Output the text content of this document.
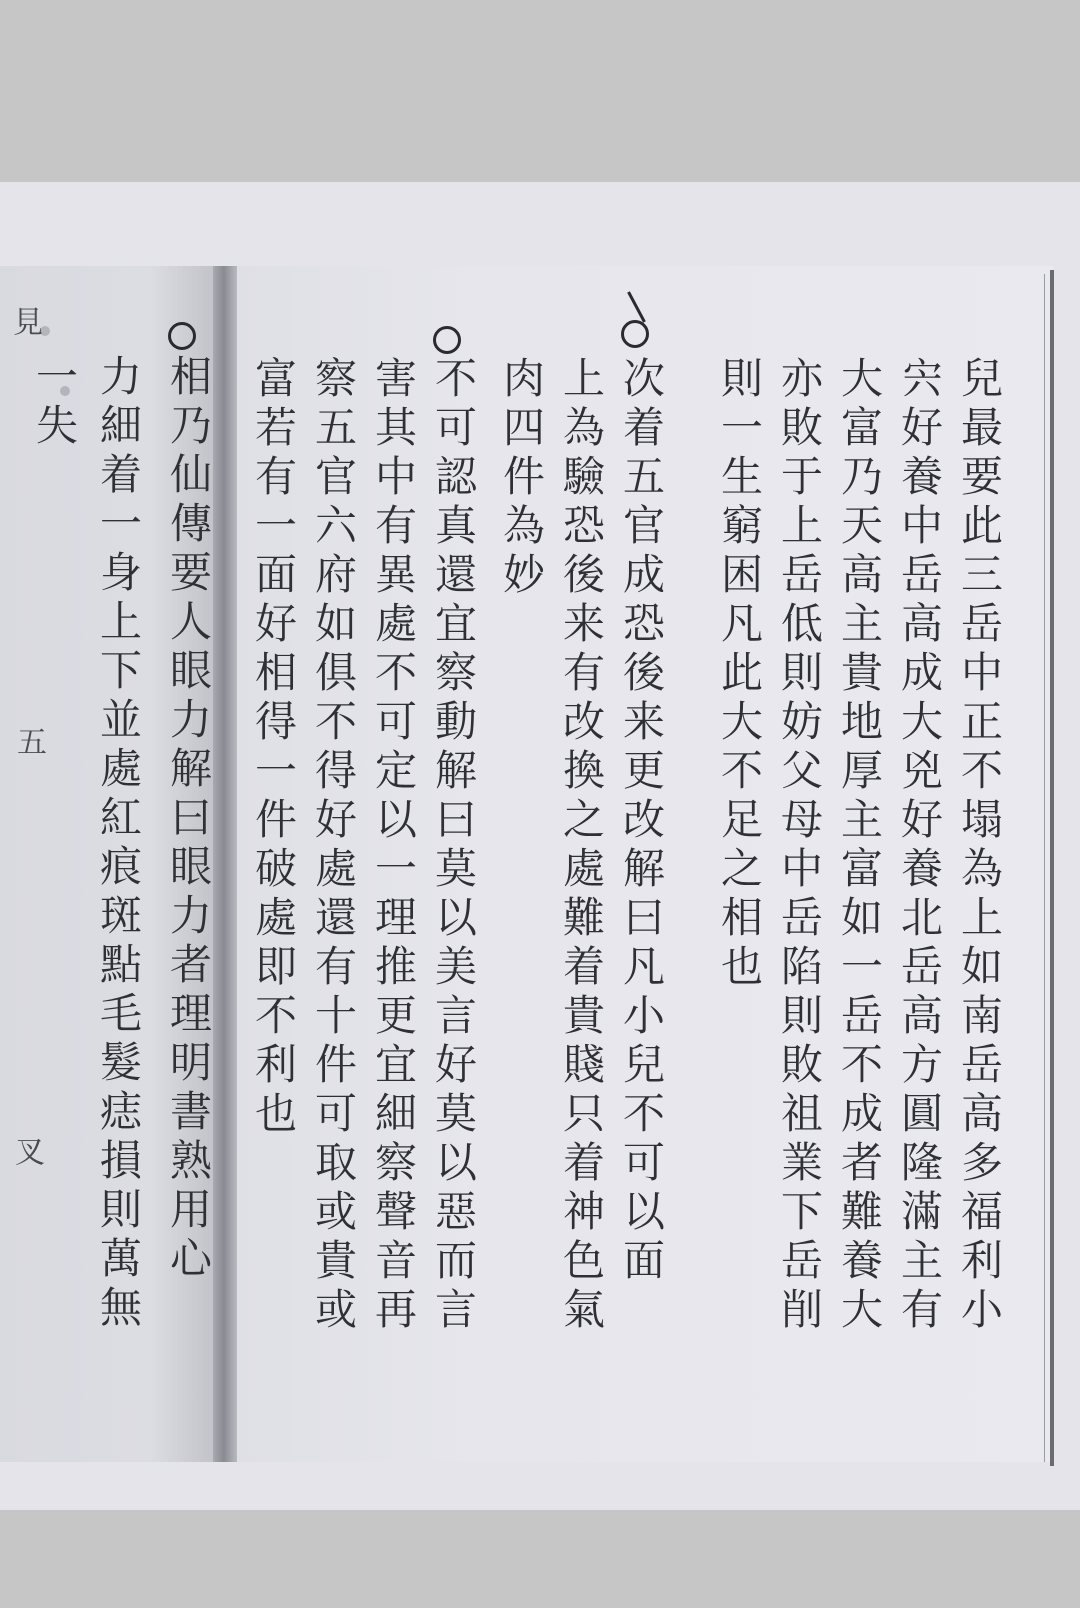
見
五
叉	相乃仙傳要人眼力解曰眼力者理明書熟用心
力細着一身上下並處紅痕斑點毛髮痣損則萬無
一失	兒最要此三岳中正不塌為上如南岳高多福利小
宍好養中岳高成大兇好養北岳高方圓隆滿主有
大富乃天高主貴地厚主富如一岳不成者難養大
亦敗于上岳低則妨父母中岳陷則敗祖業下岳削
則一生窮困凡此大不足之相也
次着五官成恐後来更改解曰凡小兒不可以面
上為驗恐後来有改換之處難着貴賤只着神色氣
肉四件為妙
不可認真還宜察動解曰莫以美言好莫以惡而言
害其中有異處不可定以一理推更宜細察聲音再
察五官六府如俱不得好處還有十件可取或貴或
富若有一面好相得一件破處即不利也
